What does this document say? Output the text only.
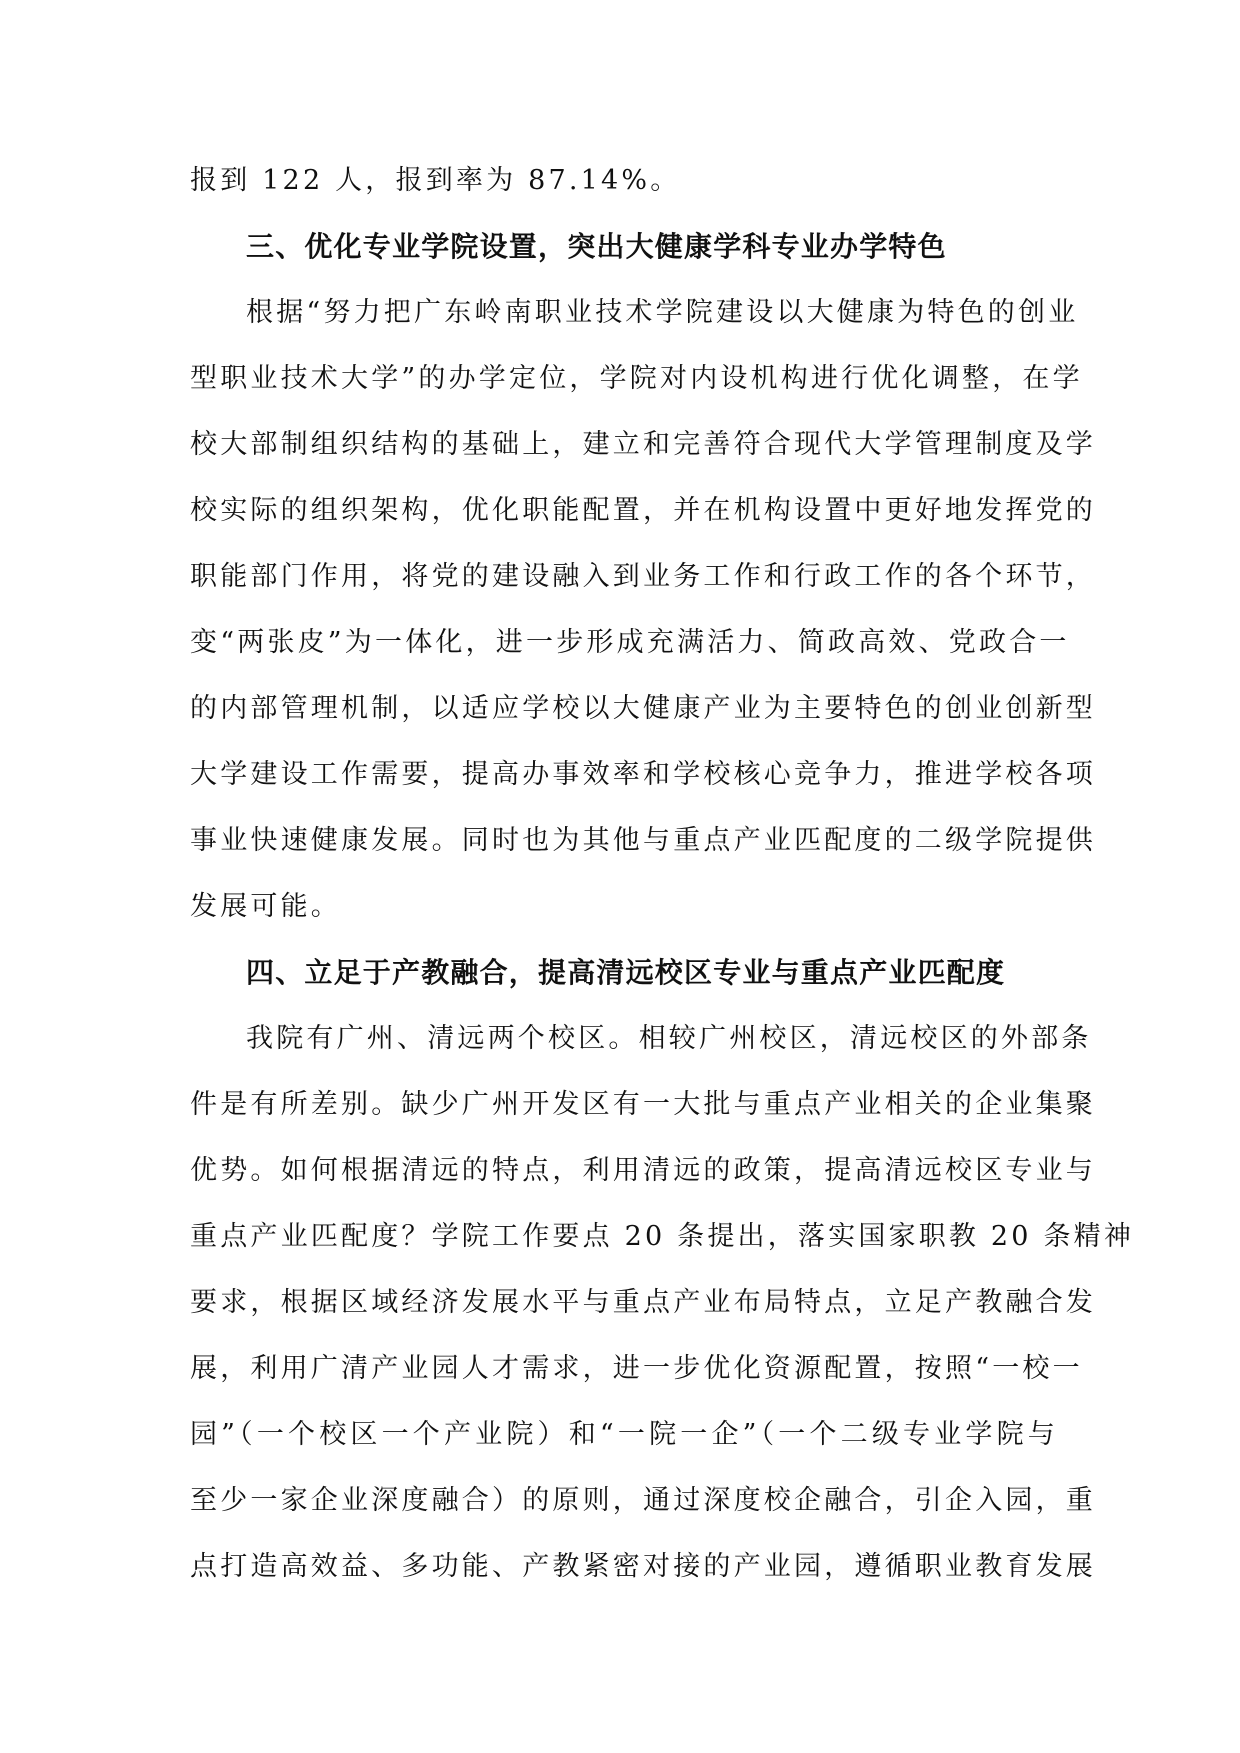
报到 122 人，报到率为 87.14%。
三、优化专业学院设置，突出大健康学科专业办学特色
根据“努力把广东岭南职业技术学院建设以大健康为特色的创业
型职业技术大学”的办学定位，学院对内设机构进行优化调整，在学
校大部制组织结构的基础上，建立和完善符合现代大学管理制度及学
校实际的组织架构，优化职能配置，并在机构设置中更好地发挥党的
职能部门作用，将党的建设融入到业务工作和行政工作的各个环节，
变“两张皮”为一体化，进一步形成充满活力、简政高效、党政合一
的内部管理机制，以适应学校以大健康产业为主要特色的创业创新型
大学建设工作需要，提高办事效率和学校核心竞争力，推进学校各项
事业快速健康发展。同时也为其他与重点产业匹配度的二级学院提供
发展可能。
四、立足于产教融合，提高清远校区专业与重点产业匹配度
我院有广州、清远两个校区。相较广州校区，清远校区的外部条
件是有所差别。缺少广州开发区有一大批与重点产业相关的企业集聚
优势。如何根据清远的特点，利用清远的政策，提高清远校区专业与
重点产业匹配度？学院工作要点 20 条提出，落实国家职教 20 条精神
要求，根据区域经济发展水平与重点产业布局特点，立足产教融合发
展，利用广清产业园人才需求，进一步优化资源配置，按照“一校一
园”（一个校区一个产业院）和“一院一企”（一个二级专业学院与
至少一家企业深度融合）的原则，通过深度校企融合，引企入园，重
点打造高效益、多功能、产教紧密对接的产业园，遵循职业教育发展
